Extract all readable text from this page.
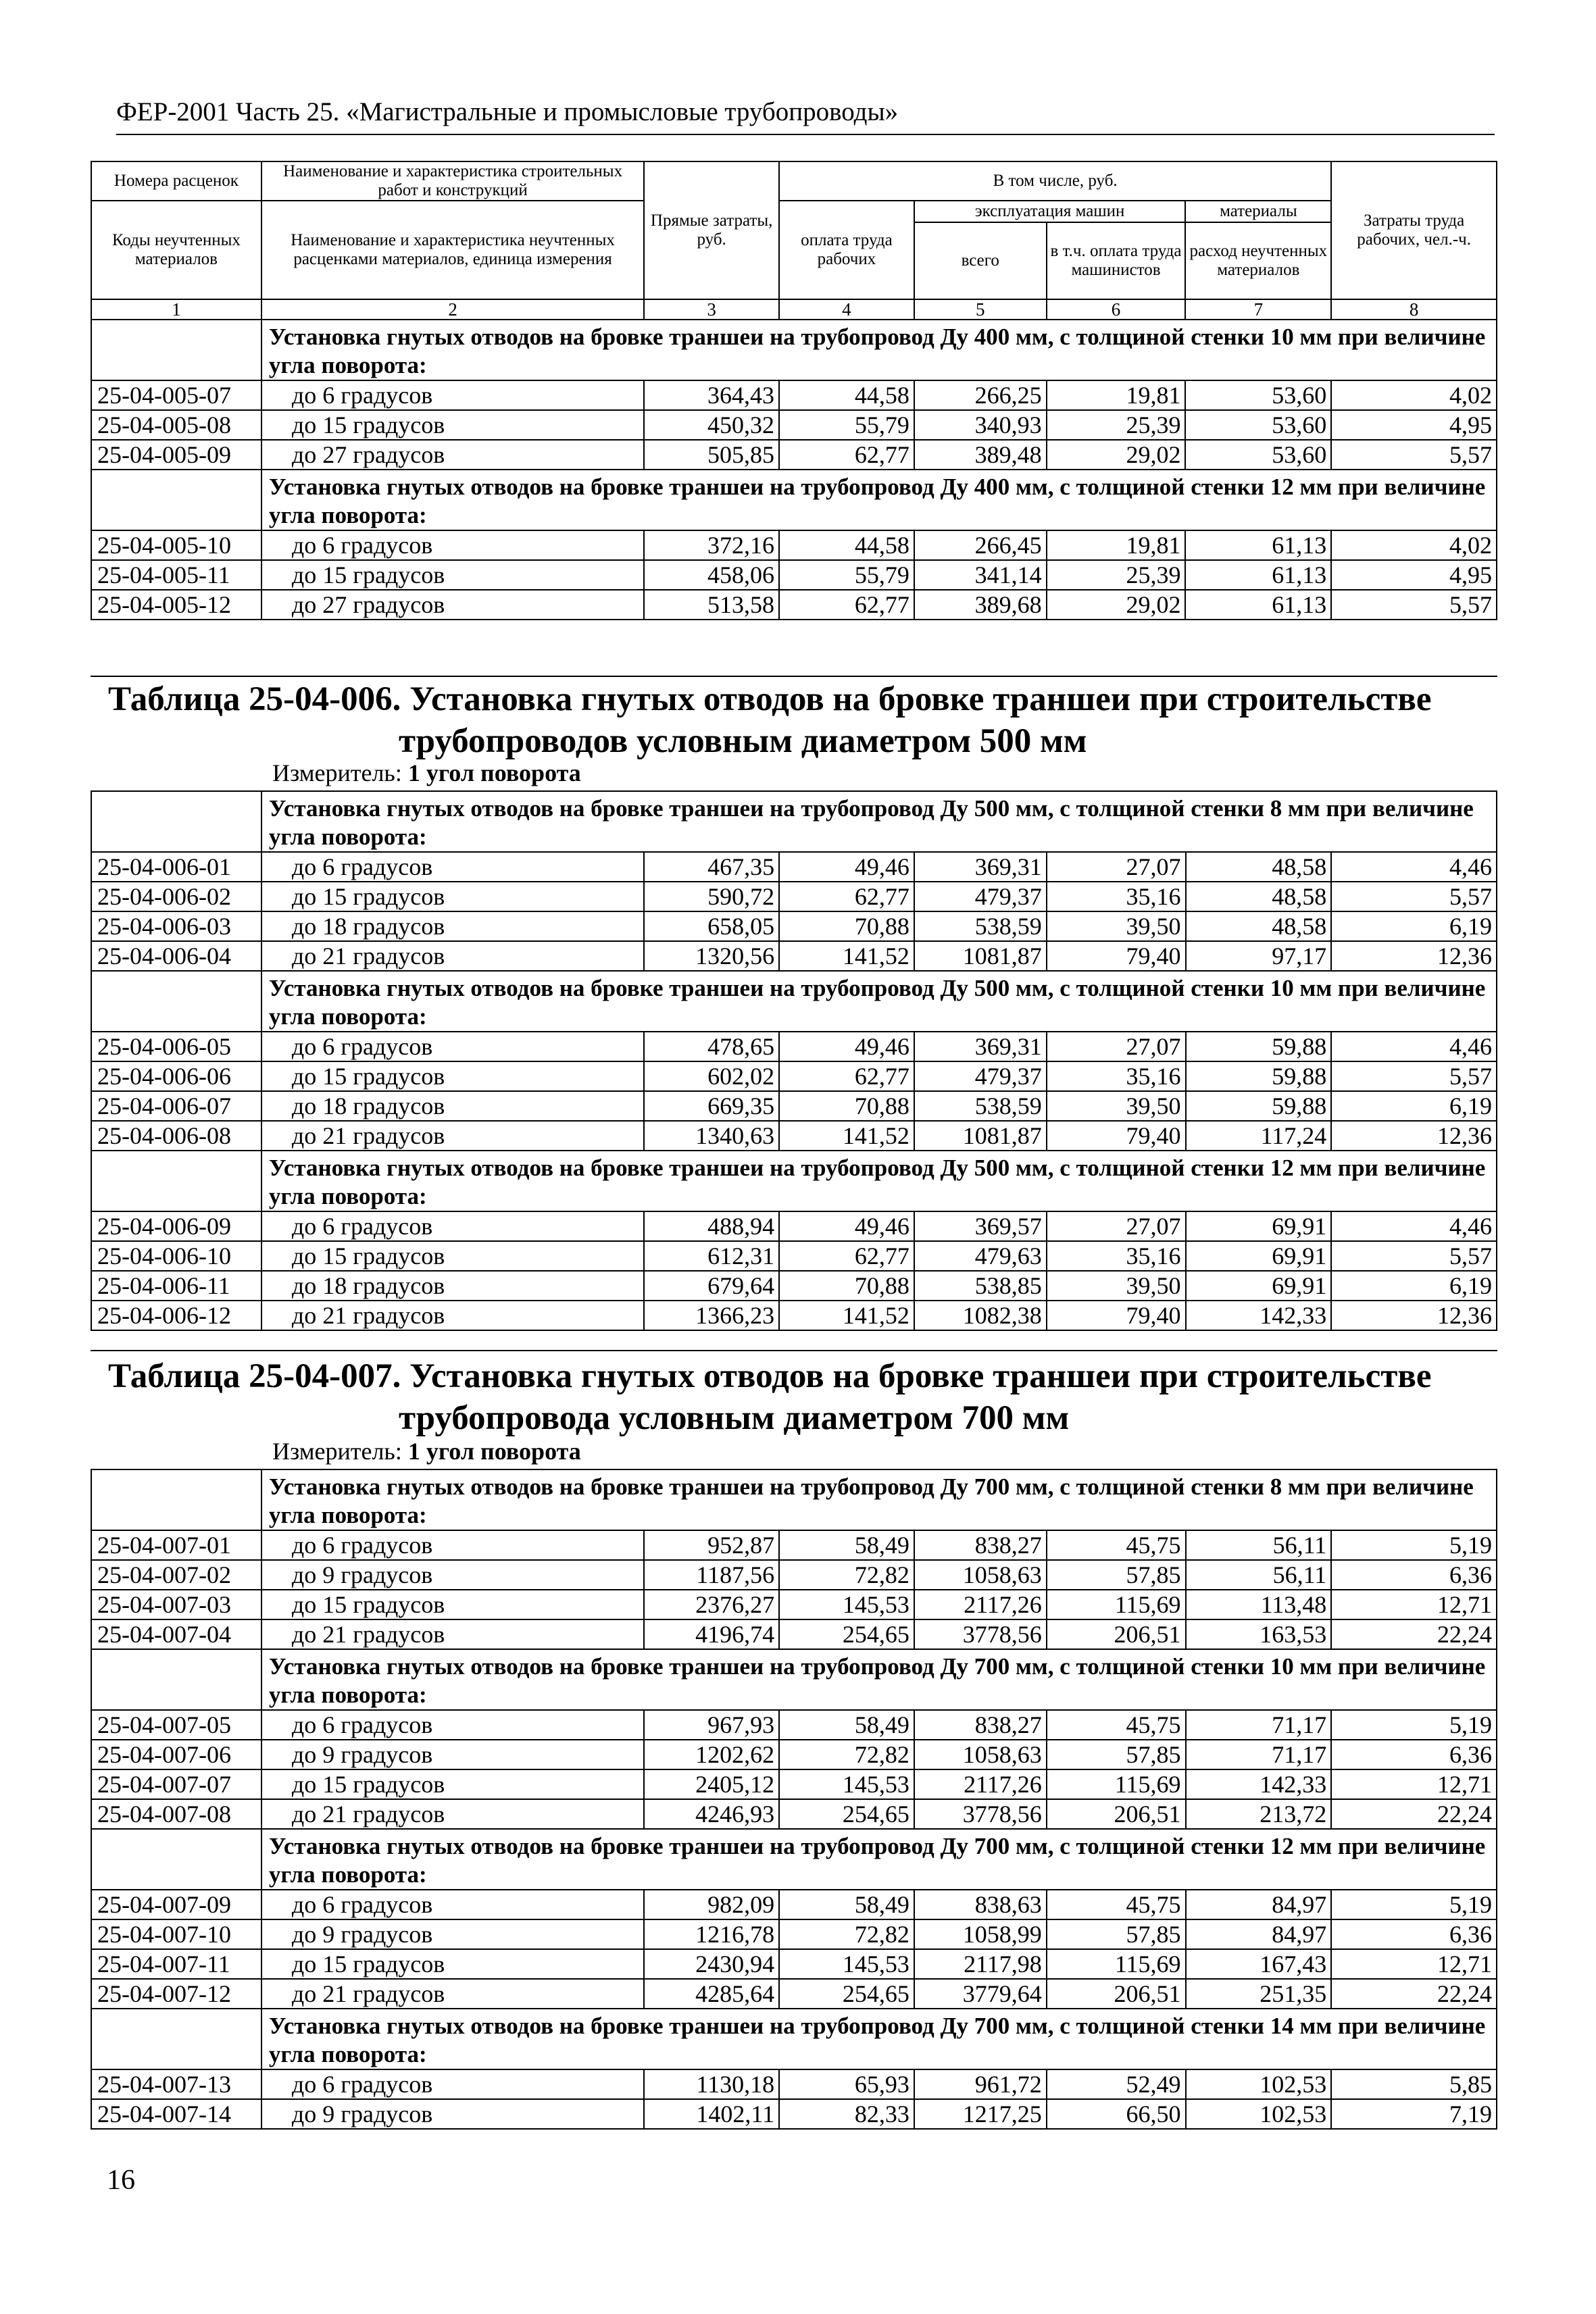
ФЕР-2001 Часть 25. «Магистральные и промысловые трубопроводы»
Номера расценок	Наименование и характеристика строительных работ и конструкций	Прямые затраты, руб.	В том числе, руб.				Затраты труда рабочих, чел.-ч.
Коды неучтенных материалов	Наименование и характеристика неучтенных расценками материалов, единица измерения		оплата труда рабочих	эксплуатация машин		материалы	
				всего	в т.ч. оплата труда машинистов	расход неучтенных материалов	
1	2	3	4	5	6	7	8
	Установка гнутых отводов на бровке траншеи на трубопровод Ду 400 мм, с толщиной стенки 10 мм при величине угла поворота:						
25-04-005-07	до 6 градусов	364,43	44,58	266,25	19,81	53,60	4,02
25-04-005-08	до 15 градусов	450,32	55,79	340,93	25,39	53,60	4,95
25-04-005-09	до 27 градусов	505,85	62,77	389,48	29,02	53,60	5,57
	Установка гнутых отводов на бровке траншеи на трубопровод Ду 400 мм, с толщиной стенки 12 мм при величине угла поворота:						
25-04-005-10	до 6 градусов	372,16	44,58	266,45	19,81	61,13	4,02
25-04-005-11	до 15 градусов	458,06	55,79	341,14	25,39	61,13	4,95
25-04-005-12	до 27 градусов	513,58	62,77	389,68	29,02	61,13	5,57
Таблица 25-04-006. Установка гнутых отводов на бровке траншеи при строительстве
трубопроводов условным диаметром 500 мм
Измеритель: 1 угол поворота
	Установка гнутых отводов на бровке траншеи на трубопровод Ду 500 мм, с толщиной стенки 8 мм при величине угла поворота:						
25-04-006-01	до 6 градусов	467,35	49,46	369,31	27,07	48,58	4,46
25-04-006-02	до 15 градусов	590,72	62,77	479,37	35,16	48,58	5,57
25-04-006-03	до 18 градусов	658,05	70,88	538,59	39,50	48,58	6,19
25-04-006-04	до 21 градусов	1320,56	141,52	1081,87	79,40	97,17	12,36
	Установка гнутых отводов на бровке траншеи на трубопровод Ду 500 мм, с толщиной стенки 10 мм при величине угла поворота:						
25-04-006-05	до 6 градусов	478,65	49,46	369,31	27,07	59,88	4,46
25-04-006-06	до 15 градусов	602,02	62,77	479,37	35,16	59,88	5,57
25-04-006-07	до 18 градусов	669,35	70,88	538,59	39,50	59,88	6,19
25-04-006-08	до 21 градусов	1340,63	141,52	1081,87	79,40	117,24	12,36
	Установка гнутых отводов на бровке траншеи на трубопровод Ду 500 мм, с толщиной стенки 12 мм при величине угла поворота:						
25-04-006-09	до 6 градусов	488,94	49,46	369,57	27,07	69,91	4,46
25-04-006-10	до 15 градусов	612,31	62,77	479,63	35,16	69,91	5,57
25-04-006-11	до 18 градусов	679,64	70,88	538,85	39,50	69,91	6,19
25-04-006-12	до 21 градусов	1366,23	141,52	1082,38	79,40	142,33	12,36
Таблица 25-04-007. Установка гнутых отводов на бровке траншеи при строительстве
трубопровода условным диаметром 700 мм
Измеритель: 1 угол поворота
	Установка гнутых отводов на бровке траншеи на трубопровод Ду 700 мм, с толщиной стенки 8 мм при величине угла поворота:						
25-04-007-01	до 6 градусов	952,87	58,49	838,27	45,75	56,11	5,19
25-04-007-02	до 9 градусов	1187,56	72,82	1058,63	57,85	56,11	6,36
25-04-007-03	до 15 градусов	2376,27	145,53	2117,26	115,69	113,48	12,71
25-04-007-04	до 21 градусов	4196,74	254,65	3778,56	206,51	163,53	22,24
	Установка гнутых отводов на бровке траншеи на трубопровод Ду 700 мм, с толщиной стенки 10 мм при величине угла поворота:						
25-04-007-05	до 6 градусов	967,93	58,49	838,27	45,75	71,17	5,19
25-04-007-06	до 9 градусов	1202,62	72,82	1058,63	57,85	71,17	6,36
25-04-007-07	до 15 градусов	2405,12	145,53	2117,26	115,69	142,33	12,71
25-04-007-08	до 21 градусов	4246,93	254,65	3778,56	206,51	213,72	22,24
	Установка гнутых отводов на бровке траншеи на трубопровод Ду 700 мм, с толщиной стенки 12 мм при величине угла поворота:						
25-04-007-09	до 6 градусов	982,09	58,49	838,63	45,75	84,97	5,19
25-04-007-10	до 9 градусов	1216,78	72,82	1058,99	57,85	84,97	6,36
25-04-007-11	до 15 градусов	2430,94	145,53	2117,98	115,69	167,43	12,71
25-04-007-12	до 21 градусов	4285,64	254,65	3779,64	206,51	251,35	22,24
	Установка гнутых отводов на бровке траншеи на трубопровод Ду 700 мм, с толщиной стенки 14 мм при величине угла поворота:						
25-04-007-13	до 6 градусов	1130,18	65,93	961,72	52,49	102,53	5,85
25-04-007-14	до 9 градусов	1402,11	82,33	1217,25	66,50	102,53	7,19
16
